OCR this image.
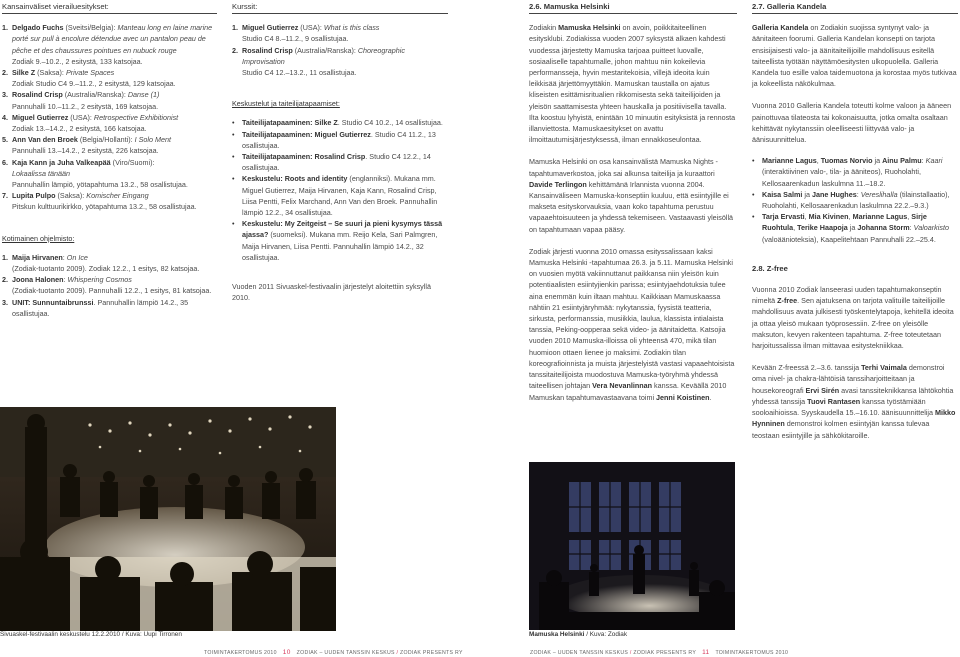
Kansainväliset vierailuesitykset:
1. Delgado Fuchs (Sveitsi/Belgia): Manteau long en laine marine porté sur pull à encolure détendue avec un pantalon peau de pêche et des chaussures pointues en nubuck rouge
Zodiak 9.–10.2., 2 esitystä, 133 katsojaa.
2. Silke Z (Saksa): Private Spaces
Zodiak Studio C4 9.–11.2., 2 esitystä, 129 katsojaa.
3. Rosalind Crisp (Australia/Ranska): Danse (1)
Pannuhalli 10.–11.2., 2 esitystä, 169 katsojaa.
4. Miguel Gutierrez (USA): Retrospective Exhibitionist
Zodiak 13.–14.2., 2 esitystä, 166 katsojaa.
5. Ann Van den Broek (Belgia/Hollanti): I Solo Ment
Pannuhalli 13.–14.2., 2 esitystä, 226 katsojaa.
6. Kaja Kann ja Juha Valkeapää (Viro/Suomi):
Lokaalissa tänään
Pannuhallin lämpiö, yötapahtuma 13.2., 58 osallistujaa.
7. Lupita Pulpo (Saksa): Komischer Eingang
Pitskun kulttuurikirkko, yötapahtuma 13.2., 58 osallistujaa.
Kotimainen ohjelmisto:
1. Maija Hirvanen: On Ice
(Zodiak-tuotanto 2009). Zodiak 12.2., 1 esitys, 82 katsojaa.
2. Joona Halonen: Whispering Cosmos
(Zodiak-tuotanto 2009). Pannuhalli 12.2., 1 esitys, 81 katsojaa.
3. UNIT: Sunnuntaibrunssi. Pannuhallin lämpiö 14.2., 35 osallistujaa.
Sivuaskel-festivaalin keskustelu 12.2.2010 / Kuva: Uupi Tirronen
Kurssit:
1. Miguel Gutierrez (USA): What is this class
Studio C4 8.–11.2., 9 osallistujaa.
2. Rosalind Crisp (Australia/Ranska): Choreographic Improvisation
Studio C4 12.–13.2., 11 osallistujaa.
Keskustelut ja taiteilijatapaamiset:
• Taiteilijatapaaminen: Silke Z. Studio C4 10.2., 14 osallistujaa.
• Taiteilijatapaaminen: Miguel Gutierrez. Studio C4 11.2., 13 osallistujaa.
• Taiteilijatapaaminen: Rosalind Crisp. Studio C4 12.2., 14 osallistujaa.
• Keskustelu: Roots and identity (englanniksi). Mukana mm. Miguel Gutierrez, Maija Hirvanen, Kaja Kann, Rosalind Crisp, Liisa Pentti, Felix Marchand, Ann Van den Broek. Pannuhallin lämpiö 12.2., 34 osallistujaa.
• Keskustelu: My Zeitgeist – Se suuri ja pieni kysymys tässä ajassa? (suomeksi). Mukana mm. Reijo Kela, Sari Palmgren, Maija Hirvanen, Liisa Pentti. Pannuhallin lämpiö 14.2., 32 osallistujaa.

Vuoden 2011 Sivuaskel-festivaalin järjestelyt aloitettiin syksyllä 2010.

2.6. Mamuska Helsinki

Zodiakin Mamuska Helsinki on avoin, poikkitaiteellinen esitysklubi. Zodiakissa vuoden 2007 syksystä alkaen kahdesti vuodessa järjestetty Mamuska tarjoaa puitteet luovalle, sosiaaliselle tapahtumalle, johon mahtuu niin kokeilevia performansseja, hyvin mestaritekoisia, villejä ideoita kuin leikkisää järjettömyyttäkin. Mamuskan taustalla on ajatus kliseisten esittämisritualien rikkomisesta sekä taiteilijoiden ja yleisön saattamisesta yhteen hauskalla ja positiivisella tavalla. Ilta koostuu lyhyistä, enintään 10 minuutin esityksistä ja rennosta illanviettosta. Mamuskaesitykset on avattu ilmoittautumisjärjestyksessä, ilman ennakkoseulontaa.

Mamuska Helsinki on osa kansainvälistä Mamuska Nights -tapahtumaverkostoa, joka sai alkunsa taiteilija ja kuraattori Davide Terlingon kehittämänä Irlannista vuonna 2004. Kansainväliseen Mamuska-konseptiin kuuluu, että esiintyjille ei makseta esityskorvauksia, vaan koko tapahtuma perustuu vapaaehtoisuuteen ja yhdessä tekemiseen. Vastaavasti yleisöllä on tapahtumaan vapaa pääsy.

Zodiak järjesti vuonna 2010 omassa esityssalissaan kaksi Mamuska Helsinki -tapahtumaa 26.3. ja 5.11. Mamuska Helsinki on vuosien myötä vakiinnuttanut paikkansa niin yleisön kuin potentiaalisten esiintyjienkin parissa; esiintyjaehdotuksia tulee aina enemmän kuin iltaan mahtuu. Kaikkiaan Mamuskaassa nähtiin 21 esiintyjäryhmää: nykytanssia, fyysistä teatteria, sirkusta, performanssia, musiikkia, laulua, klassista intialaista tanssia, Peking-oopperaa sekä video- ja äänitaidetta. Katsojia vuoden 2010 Mamuska-illoissa oli yhteensä 470, mikä tilan huomioon ottaen lienee jo maksimi. Zodiakin tilan koreografioinnista ja muista järjestelyistä vastasi vapaaehtoisista tanssitaiteilijoista muodostuva Mamuska-työryhmä yhdessä taiteellisen johtajan Vera Nevanlinnan kanssa. Keväällä 2010 Mamuskan tapahtumavastaavana toimi Jenni Koistinen.

Mamuska Helsinki / Kuva: Zodiak
2.7. Galleria Kandela

Galleria Kandela on Zodiakin suojissa syntynyt valo- ja äänitaiteen foorumi. Galleria Kandelan konsepti on tarjota ensisijaisesti valo- ja äänitaiteilijoille mahdollisuus esitellä taiteellista työtään näyttämöesitysten ulkopuolella. Galleria Kandela tuo esille valoa taidemuotona ja korostaa myös tutkivaa ja kokeellista näkökulmaa.

Vuonna 2010 Galleria Kandela toteutti kolme valoon ja ääneen painottuvaa tilateosta tai kokonaisuutta, jotka omalta osaltaan kehittävät nykytanssiin oleelliseesti liittyvää valo- ja äänisuunnittelua.

• Marianne Lagus, Tuomas Norvio ja Ainu Palmu: Kaari (interaktiivinen valo-, tila- ja ääniteos), Ruoholahti, Kellosaarenkadun laskulmna 11.–18.2.
• Kaisa Salmi ja Jane Hughes: Vereslihalla (tilainstallaatio), Ruoholahti, Kellosaarenkadun laskulmna 22.2.–9.3.)
• Tarja Ervasti, Mia Kivinen, Marianne Lagus, Sirje Ruohtula, Terike Haapoja ja Johanna Storm: Valoarkisto (valoäänioteksia), Kaapelitehtaan Pannuhalli 22.–25.4.
2.8. Z-free

Vuonna 2010 Zodiak lanseerasi uuden tapahtumakonseptin nimeltä Z-free. Sen ajatuksena on tarjota valituille taiteilijoille mahdollisuus avata julkisesti työskentelytapoja, kehitellä ideoita ja ottaa yleisö mukaan työprosessiin. Z-free on yleisölle maksuton, kevyen rakenteen tapahtuma. Z-free toteutetaan harjoitussalissa ilman mittavaa esitystekniikkaa.

Kevään Z-freessä 2.–3.6. tanssija Terhi Vaimala demonstroi oma nivel- ja chakra-lähtöisiä tanssiharjoitteitaan ja housekoreografi Ervi Sirén avasi tanssiteknikkansa lähtökohtia yhdessä tanssija Tuovi Rantasen kanssa työstämiään sooloaihioissa. Syyskaudella 15.–16.10. äänisuunnittelija Mikko Hynninen demonstroi kolmen esiintyjän kanssa tulevaa teostaan esiintyjille ja sähkökitaroille.

TOIMINTAKERTOMUS 2010 10 ZODIAK – UUDEN TANSSIN KESKUS / ZODIAK PRESENTS RY	ZODIAK – UUDEN TANSSIN KESKUS / ZODIAK PRESENTS RY 11 TOIMINTAKERTOMUS 2010
